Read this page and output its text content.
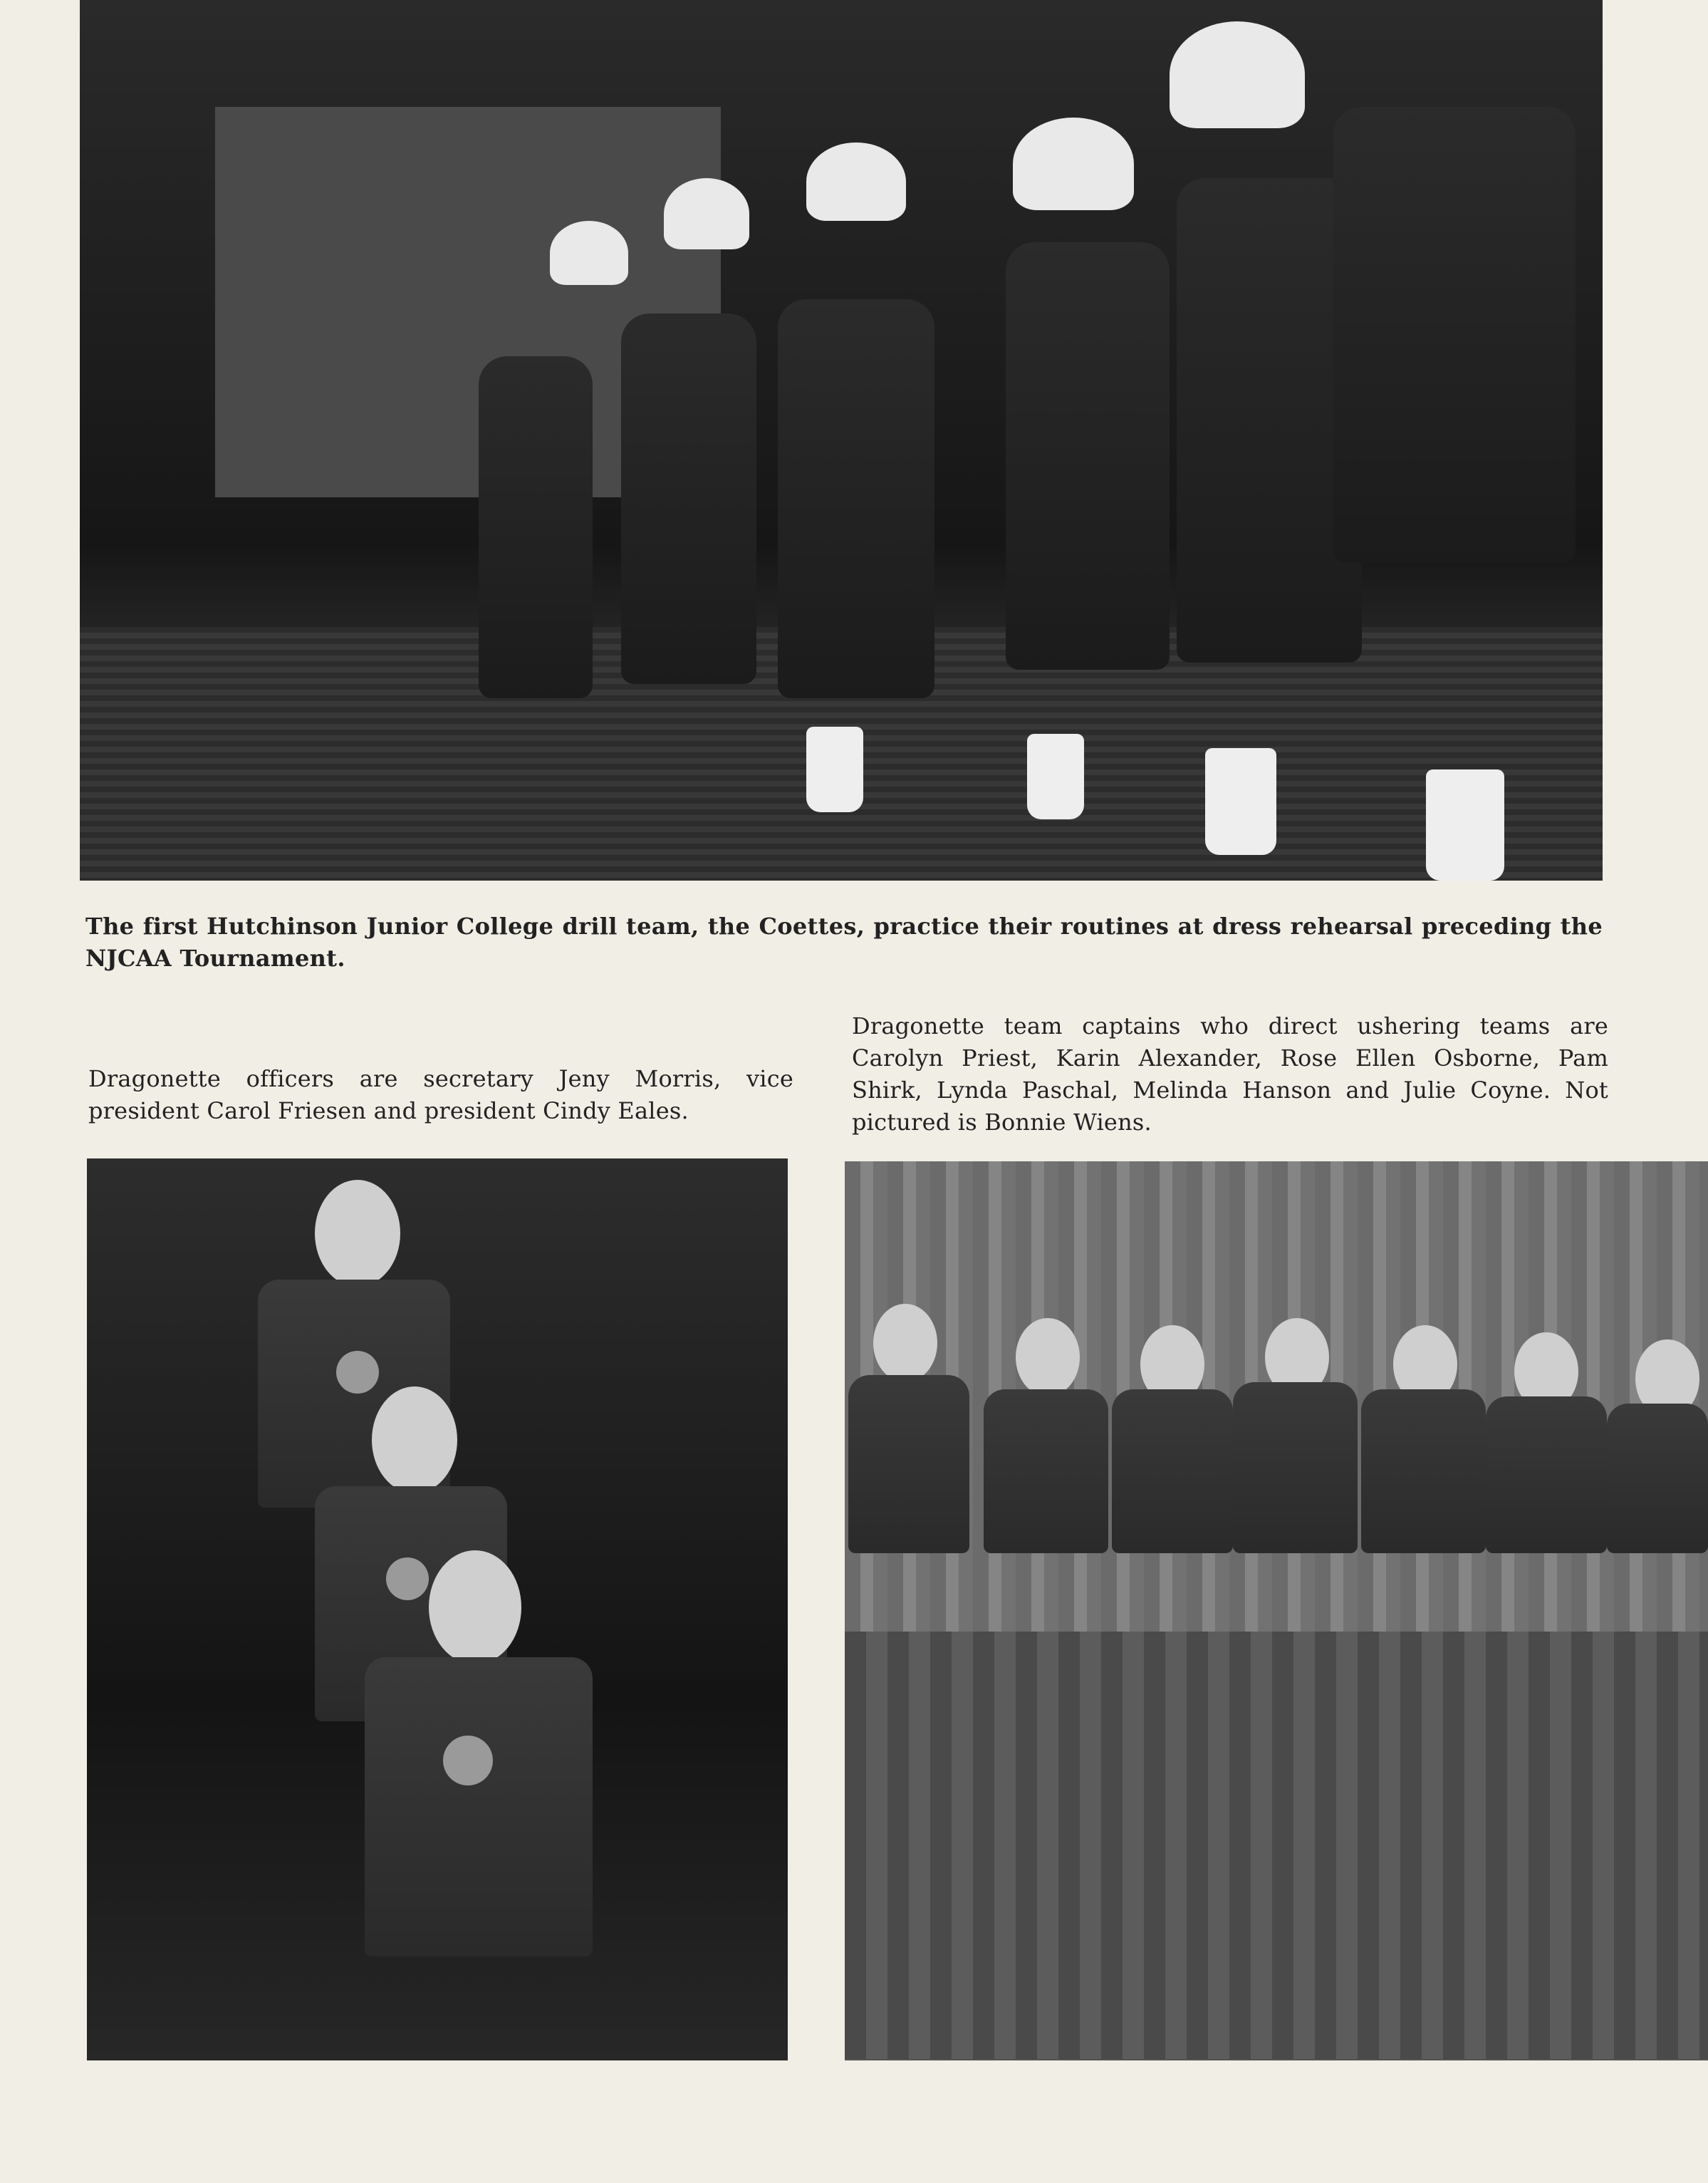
The first Hutchinson Junior College drill team, the Coettes, practice their routines at dress rehearsal preceding the NJCAA Tournament.

Dragonette officers are secretary Jeny Morris, vice president Carol Friesen and president Cindy Eales.

Dragonette team captains who direct ushering teams are Carolyn Priest, Karin Alexander, Rose Ellen Osborne, Pam Shirk, Lynda Paschal, Melinda Hanson and Julie Coyne. Not pictured is Bonnie Wiens.
